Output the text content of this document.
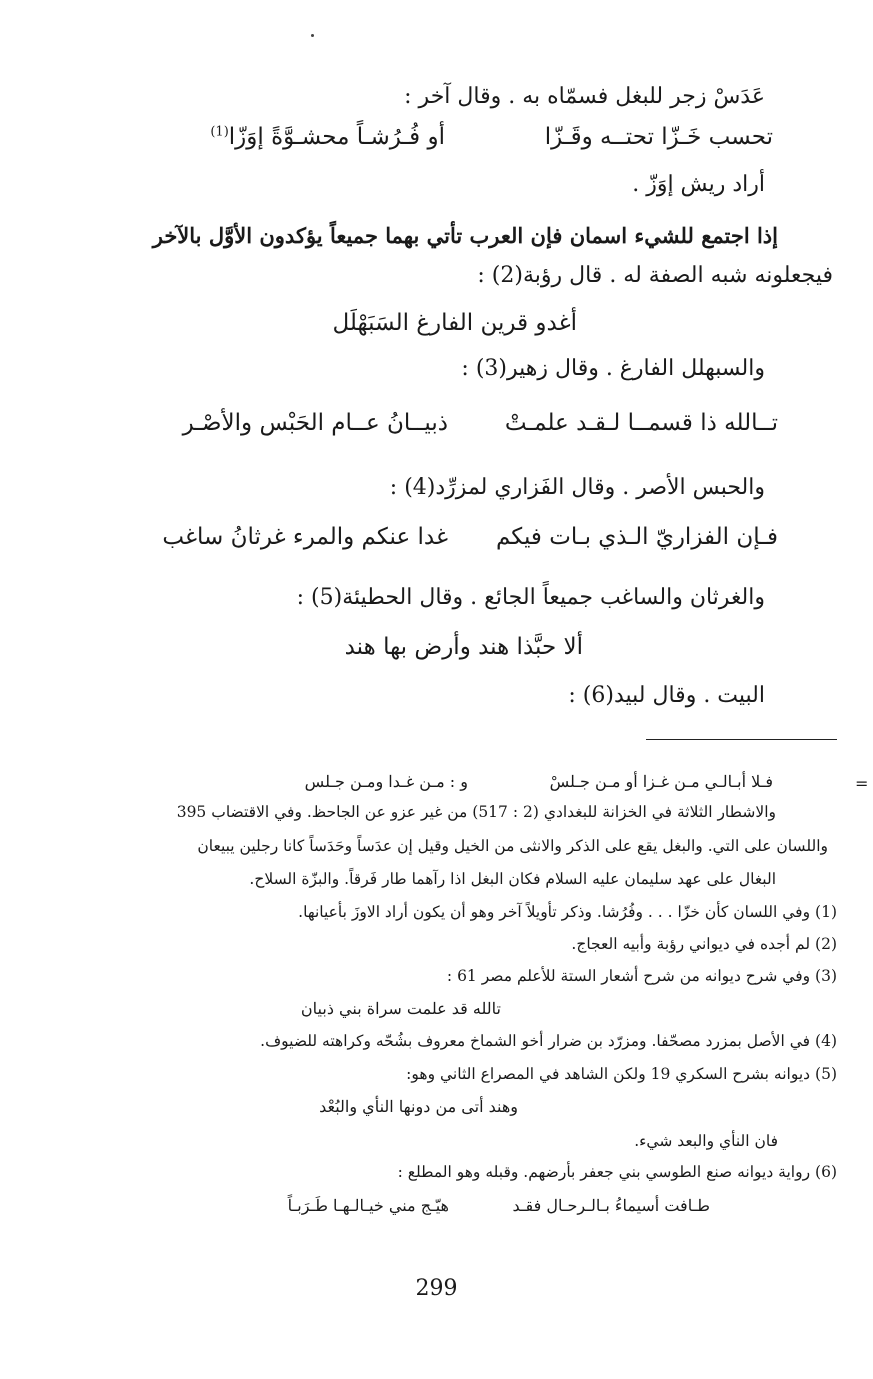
عَدَسْ زجر للبغل فسمّاه به . وقال آخر :
تحسب خَـزّا تحتــه وقَـزّا
أو فُـرُشـاً محشـوَّةً إوَزّا$^{(1)}$
أراد ريش إوَزّ .
إذا اجتمع للشيء اسمان فإن العرب تأتي بهما جميعاً يؤكدون الأوَّل بالآخر
فيجعلونه شبه الصفة له . قال رؤبة(2) :
أغدو قرين الفارغ السَبَهْلَل
والسبهلل الفارغ . وقال زهير(3) :
تــالله ذا قسمــا لـقـد علمـتْ
ذبيــانُ عــام الحَبْس والأصْـر
والحبس الأصر . وقال الفَزاري لمزرِّد(4) :
فـإن الفزاريّ الـذي بـات فيكم
غدا عنكم والمرء غرثانُ ساغب
والغرثان والساغب جميعاً الجائع . وقال الحطيئة(5) :
ألا حبَّذا هند وأرض بها هند
البيت . وقال لبيد(6) :
=
فـلا أبـالـي مـن غـزا أو مـن جـلسْ
و : مـن غـدا ومـن جـلس
والاشطار الثلاثة في الخزانة للبغدادي (2 : 517) من غير عزو عن الجاحظ. وفي الاقتضاب 395
واللسان على التي. والبغل يقع على الذكر والانثى من الخيل وقيل إن عدَساً وحَدَساً كانا رجلين يبيعان
البغال على عهد سليمان عليه السلام فكان البغل اذا رآهما طار فَرقاً. والبزّة السلاح.
(1) وفي اللسان كأن خزّا . . . وفُرُشا. وذكر تأويلاً آخر وهو أن يكون أراد الاوزَ بأعيانها.
(2) لم أجده في ديواني رؤبة وأبيه العجاج.
(3) وفي شرح ديوانه من شرح أشعار الستة للأعلم مصر 61 :
تالله قد علمت سراة بني ذبيان
(4) في الأصل بمزرد مصحّفا. ومزرّد بن ضرار أخو الشماخ معروف بشُحّه وكراهته للضيوف.
(5) ديوانه بشرح السكري 19 ولكن الشاهد في المصراع الثاني وهو:
وهند أتى من دونها النأي والبُعْد
فان النأي والبعد شيء.
(6) رواية ديوانه صنع الطوسي بني جعفر بأرضهم. وقبله وهو المطلع :
طـافت أسيماءُ بـالـرحـال فقـد
هيّـج مني خيـالـهـا طَـرَبـاً
299
